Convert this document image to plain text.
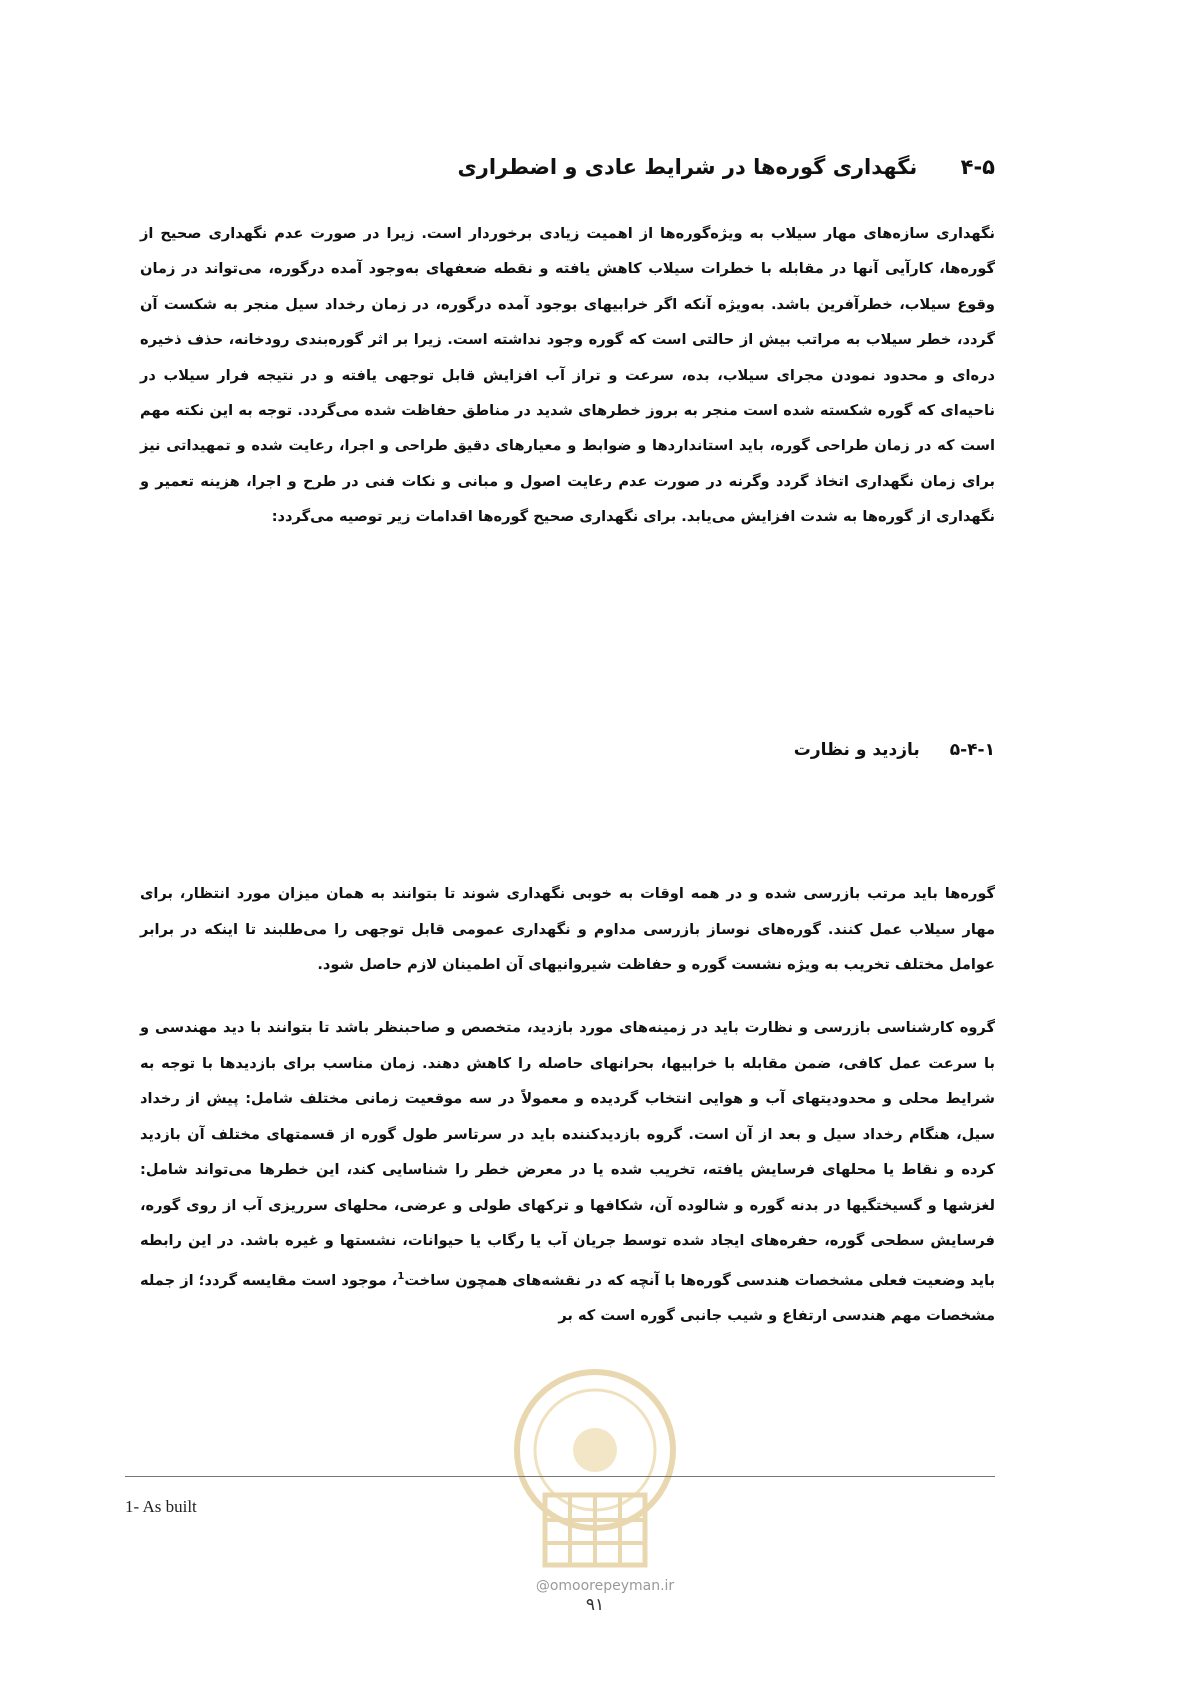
۴-۵ نگهداری گوره‌ها در شرایط عادی و اضطراری

نگهداری سازه‌های مهار سیلاب به ویژه‌گوره‌ها از اهمیت زیادی برخوردار است. زیرا در صورت عدم نگهداری صحیح از گوره‌ها، کارآیی آنها در مقابله با خطرات سیلاب کاهش یافته و نقطه ضعفهای به‌وجود آمده درگوره، می‌تواند در زمان وقوع سیلاب، خطرآفرین باشد. به‌ویژه آنکه اگر خرابیهای بوجود آمده درگوره، در زمان رخداد سیل منجر به شکست آن گردد، خطر سیلاب به مراتب بیش از حالتی است که گوره وجود نداشته است. زیرا بر اثر گوره‌بندی رودخانه، حذف ذخیره دره‌ای و محدود نمودن مجرای سیلاب، بده، سرعت و تراز آب افزایش قابل توجهی یافته و در نتیجه فرار سیلاب در ناحیه‌ای که گوره شکسته شده است منجر به بروز خطرهای شدید در مناطق حفاظت شده می‌گردد. توجه به این نکته مهم است که در زمان طراحی گوره، باید استانداردها و ضوابط و معیارهای دقیق طراحی و اجرا، رعایت شده و تمهیداتی نیز برای زمان نگهداری اتخاذ گردد وگرنه در صورت عدم رعایت اصول و مبانی و نکات فنی در طرح و اجرا، هزینه تعمیر و نگهداری از گوره‌ها به شدت افزایش می‌یابد. برای نگهداری صحیح گوره‌ها اقدامات زیر توصیه می‌گردد:

۵-۴-۱ بازدید و نظارت

گوره‌ها باید مرتب بازرسی شده و در همه اوقات به خوبی نگهداری شوند تا بتوانند به همان میزان مورد انتظار، برای مهار سیلاب عمل کنند. گوره‌های نوساز بازرسی مداوم و نگهداری عمومی قابل توجهی را می‌طلبند تا اینکه در برابر عوامل مختلف تخریب به ویژه نشست گوره و حفاظت شیروانیهای آن اطمینان لازم حاصل شود.

گروه کارشناسی بازرسی و نظارت باید در زمینه‌های مورد بازدید، متخصص و صاحبنظر باشد تا بتوانند با دید مهندسی و با سرعت عمل کافی، ضمن مقابله با خرابیها، بحرانهای حاصله را کاهش دهند. زمان مناسب برای بازدیدها با توجه به شرایط محلی و محدودیتهای آب و هوایی انتخاب گردیده و معمولاً در سه موقعیت زمانی مختلف شامل: پیش از رخداد سیل، هنگام رخداد سیل و بعد از آن است. گروه بازدیدکننده باید در سرتاسر طول گوره از قسمتهای مختلف آن بازدید کرده و نقاط یا محلهای فرسایش یافته، تخریب شده یا در معرض خطر را شناسایی کند، این خطرها می‌تواند شامل: لغزشها و گسیختگیها در بدنه گوره و شالوده آن، شکافها و ترکهای طولی و عرضی، محلهای سرریزی آب از روی گوره، فرسایش سطحی گوره، حفره‌های ایجاد شده توسط جریان آب یا رگاب یا حیوانات، نشستها و غیره باشد. در این رابطه باید وضعیت فعلی مشخصات هندسی گوره‌ها با آنچه که در نقشه‌های همچون ساخت$^1$، موجود است مقایسه گردد؛ از جمله مشخصات مهم هندسی ارتفاع و شیب جانبی گوره است که بر

1- As built
@omoorepeyman.ir
۹۱
